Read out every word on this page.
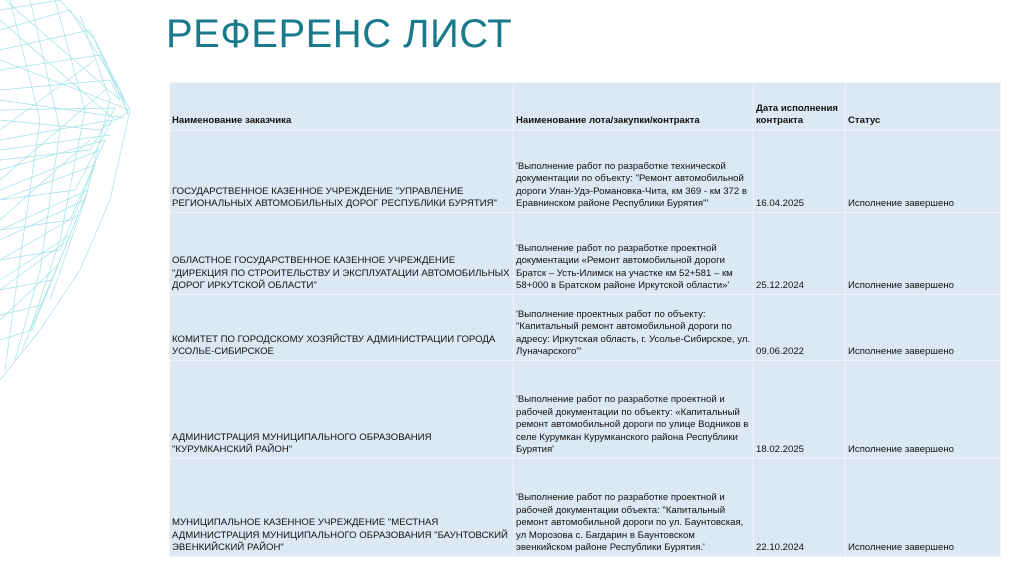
РЕФЕРЕНС ЛИСТ
Наименование заказчика	Наименование лота/закупки/контракта	Дата исполнения контракта	Статус
ГОСУДАРСТВЕННОЕ КАЗЕННОЕ УЧРЕЖДЕНИЕ "УПРАВЛЕНИЕ РЕГИОНАЛЬНЫХ АВТОМОБИЛЬНЫХ ДОРОГ РЕСПУБЛИКИ БУРЯТИЯ"	'Выполнение работ по разработке технической документации по объекту: "Ремонт автомобильной дороги Улан-Удэ-Романовка-Чита, км 369 - км 372 в Еравнинском районе Республики Бурятия"'	16.04.2025	Исполнение завершено
ОБЛАСТНОЕ ГОСУДАРСТВЕННОЕ КАЗЕННОЕ УЧРЕЖДЕНИЕ "ДИРЕКЦИЯ ПО СТРОИТЕЛЬСТВУ И ЭКСПЛУАТАЦИИ АВТОМОБИЛЬНЫХ ДОРОГ ИРКУТСКОЙ ОБЛАСТИ"	'Выполнение работ по разработке проектной документации «Ремонт автомобильной дороги Братск – Усть-Илимск на участке км 52+581 – км 58+000 в Братском районе Иркутской области»'	25.12.2024	Исполнение завершено
КОМИТЕТ ПО ГОРОДСКОМУ ХОЗЯЙСТВУ АДМИНИСТРАЦИИ ГОРОДА УСОЛЬЕ-СИБИРСКОЕ	'Выполнение проектных работ по объекту: "Капитальный ремонт автомобильной дороги по адресу: Иркутская область, г. Усолье-Сибирское, ул. Луначарского"'	09.06.2022	Исполнение завершено
АДМИНИСТРАЦИЯ МУНИЦИПАЛЬНОГО ОБРАЗОВАНИЯ "КУРУМКАНСКИЙ РАЙОН"	'Выполнение работ по разработке проектной и рабочей документации по объекту: «Капитальный ремонт автомобильной дороги по улице Водников в селе Курумкан Курумканского района Республики Бурятия'	18.02.2025	Исполнение завершено
МУНИЦИПАЛЬНОЕ КАЗЕННОЕ УЧРЕЖДЕНИЕ "МЕСТНАЯ АДМИНИСТРАЦИЯ МУНИЦИПАЛЬНОГО ОБРАЗОВАНИЯ "БАУНТОВСКИЙ ЭВЕНКИЙСКИЙ РАЙОН"	'Выполнение работ по разработке проектной и рабочей документации объекта: "Капитальный ремонт автомобильной дороги по ул. Баунтовская, ул Морозова с. Багдарин в Баунтовском эвенкийском районе Республики Бурятия.'	22.10.2024	Исполнение завершено
